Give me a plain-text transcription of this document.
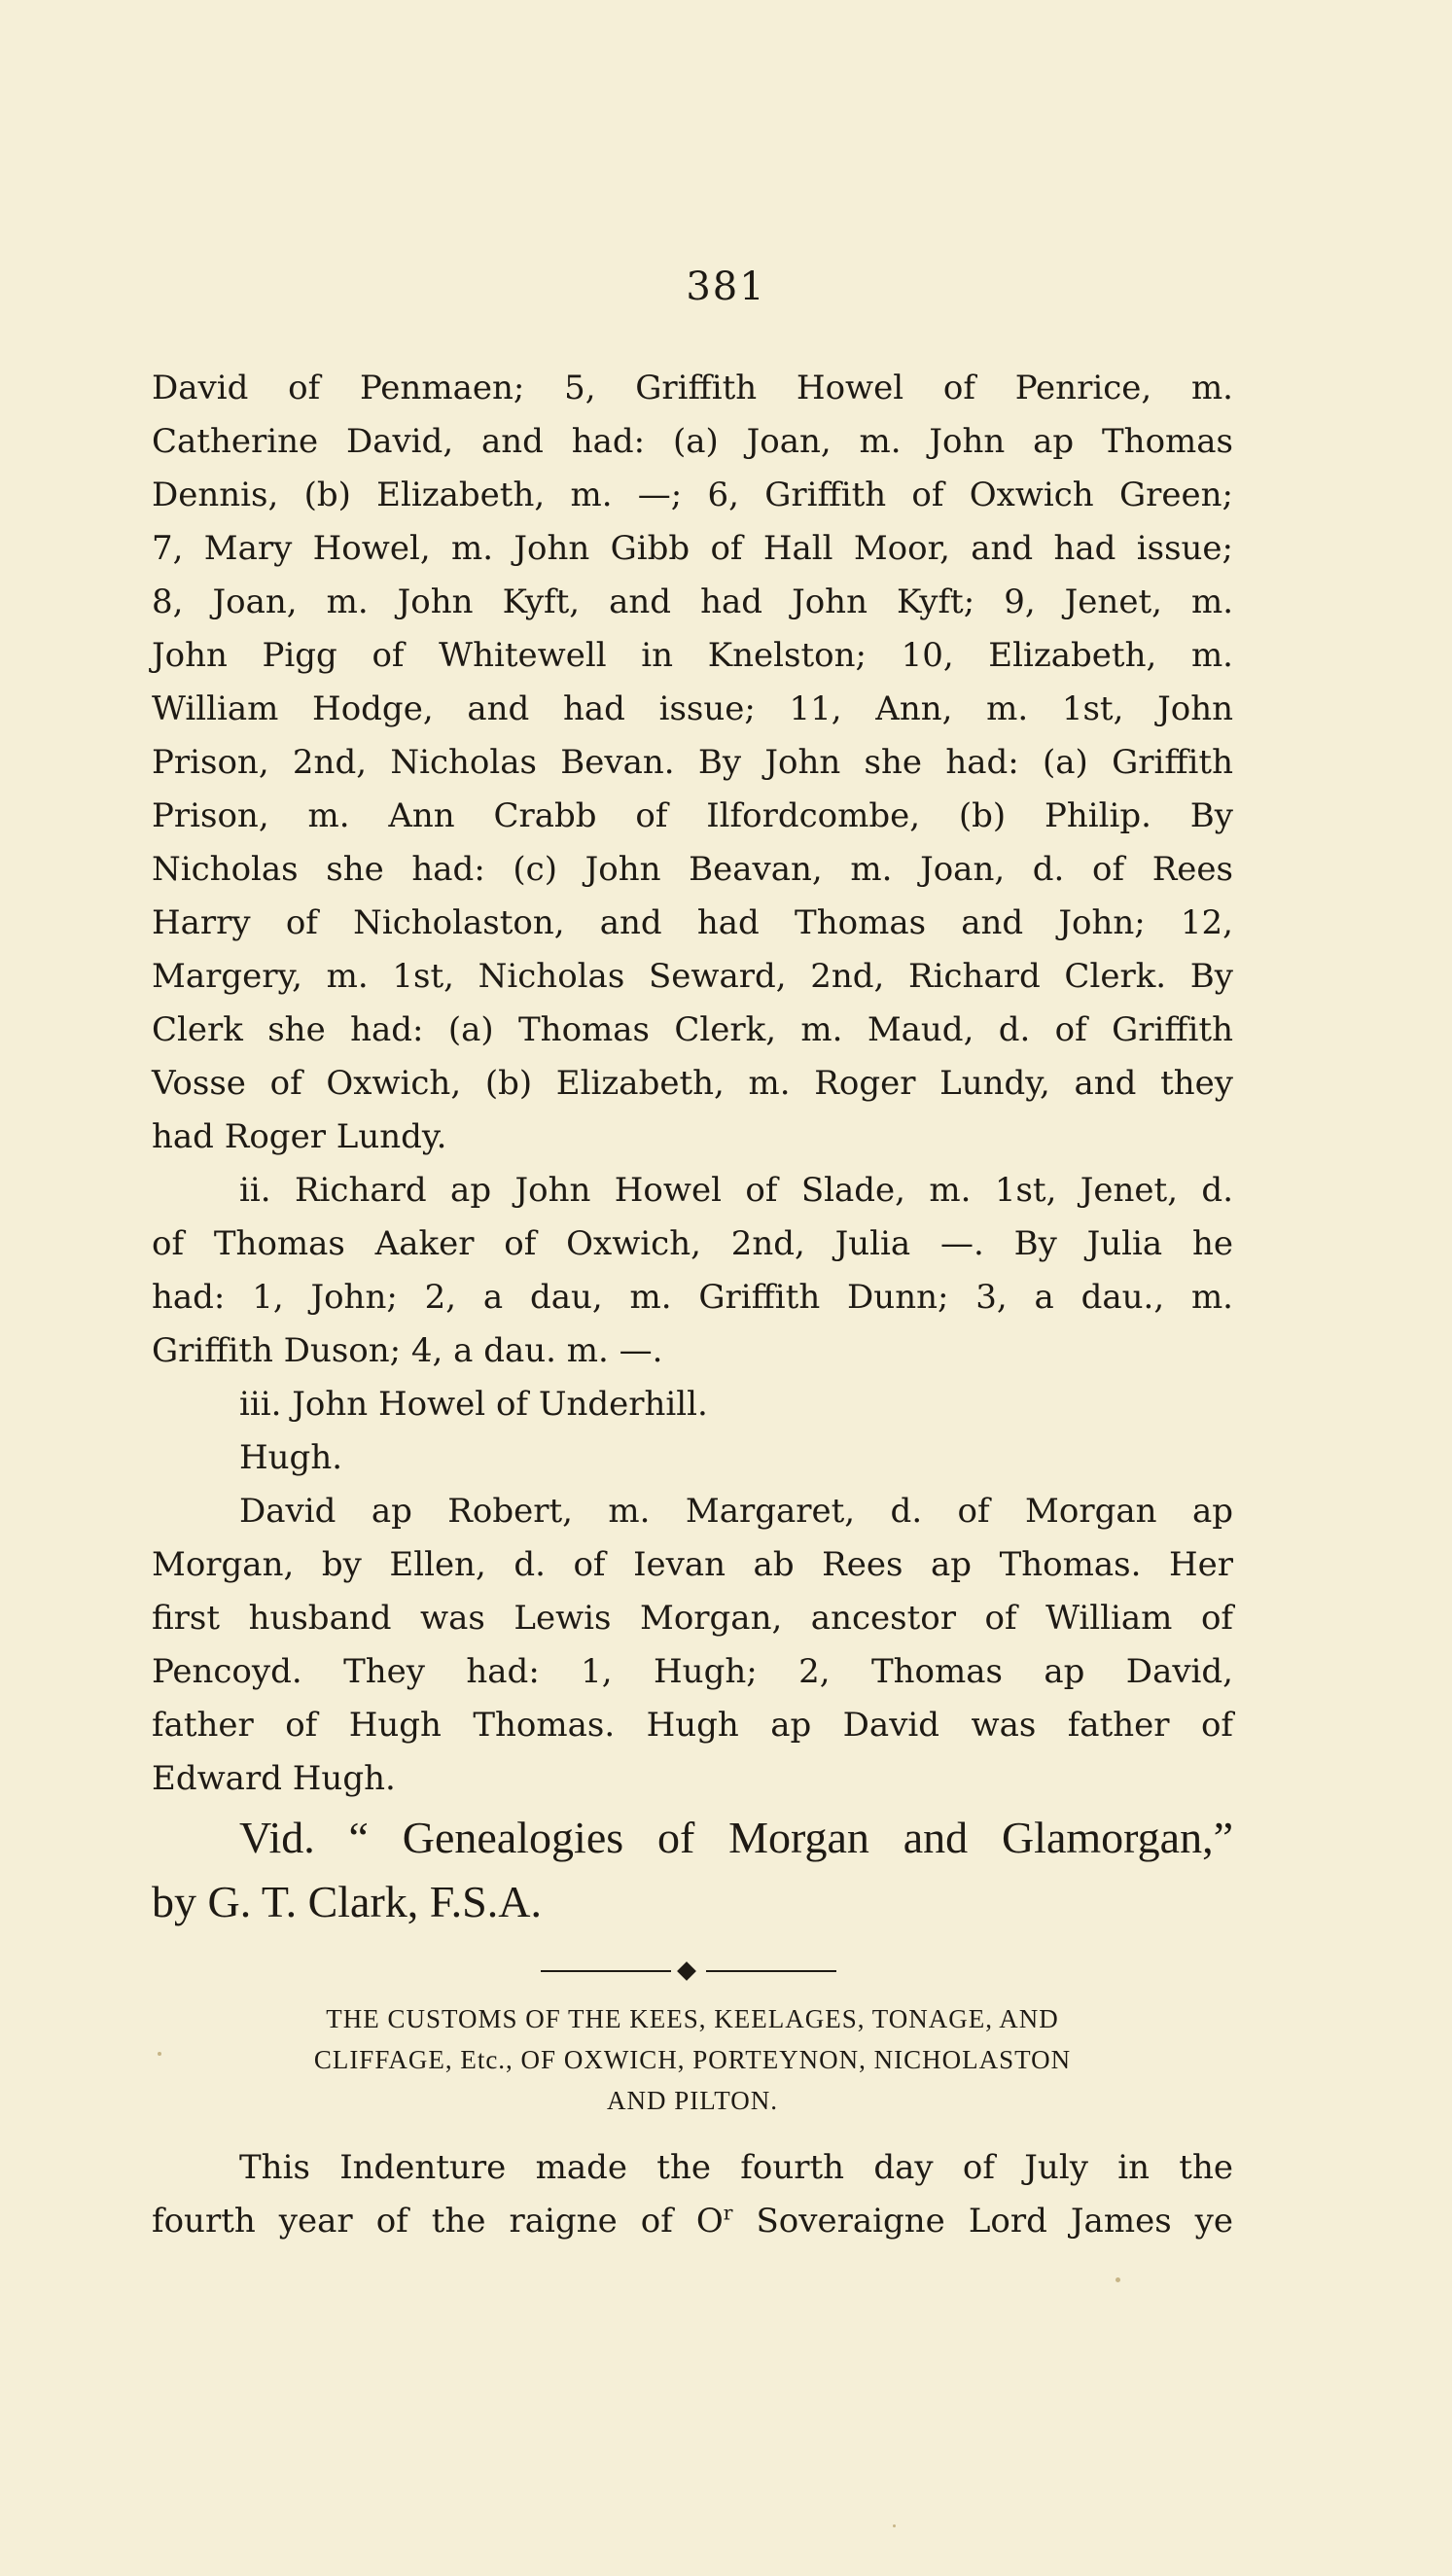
381
David of Penmaen; 5, Griffith Howel of Penrice, m.
Catherine David, and had: (a) Joan, m. John ap Thomas
Dennis, (b) Elizabeth, m. —; 6, Griffith of Oxwich Green;
7, Mary Howel, m. John Gibb of Hall Moor, and had issue;
8, Joan, m. John Kyft, and had John Kyft; 9, Jenet, m.
John Pigg of Whitewell in Knelston; 10, Elizabeth, m.
William Hodge, and had issue; 11, Ann, m. 1st, John
Prison, 2nd, Nicholas Bevan. By John she had: (a) Griffith
Prison, m. Ann Crabb of Ilfordcombe, (b) Philip. By
Nicholas she had: (c) John Beavan, m. Joan, d. of Rees
Harry of Nicholaston, and had Thomas and John; 12,
Margery, m. 1st, Nicholas Seward, 2nd, Richard Clerk. By
Clerk she had: (a) Thomas Clerk, m. Maud, d. of Griffith
Vosse of Oxwich, (b) Elizabeth, m. Roger Lundy, and they
had Roger Lundy.
ii. Richard ap John Howel of Slade, m. 1st, Jenet, d.
of Thomas Aaker of Oxwich, 2nd, Julia —. By Julia he
had: 1, John; 2, a dau, m. Griffith Dunn; 3, a dau., m.
Griffith Duson; 4, a dau. m. —.
iii. John Howel of Underhill.
Hugh.
David ap Robert, m. Margaret, d. of Morgan ap
Morgan, by Ellen, d. of Ievan ab Rees ap Thomas. Her
first husband was Lewis Morgan, ancestor of William of
Pencoyd. They had: 1, Hugh; 2, Thomas ap David,
father of Hugh Thomas. Hugh ap David was father of
Edward Hugh.
Vid. “ Genealogies of Morgan and Glamorgan,”
by G. T. Clark, F.S.A.
THE CUSTOMS OF THE KEES, KEELAGES, TONAGE, AND
CLIFFAGE, Etc., OF OXWICH, PORTEYNON, NICHOLASTON
AND PILTON.
This Indenture made the fourth day of July in the
fourth year of the raigne of $O^r$ Soveraigne Lord James ye
